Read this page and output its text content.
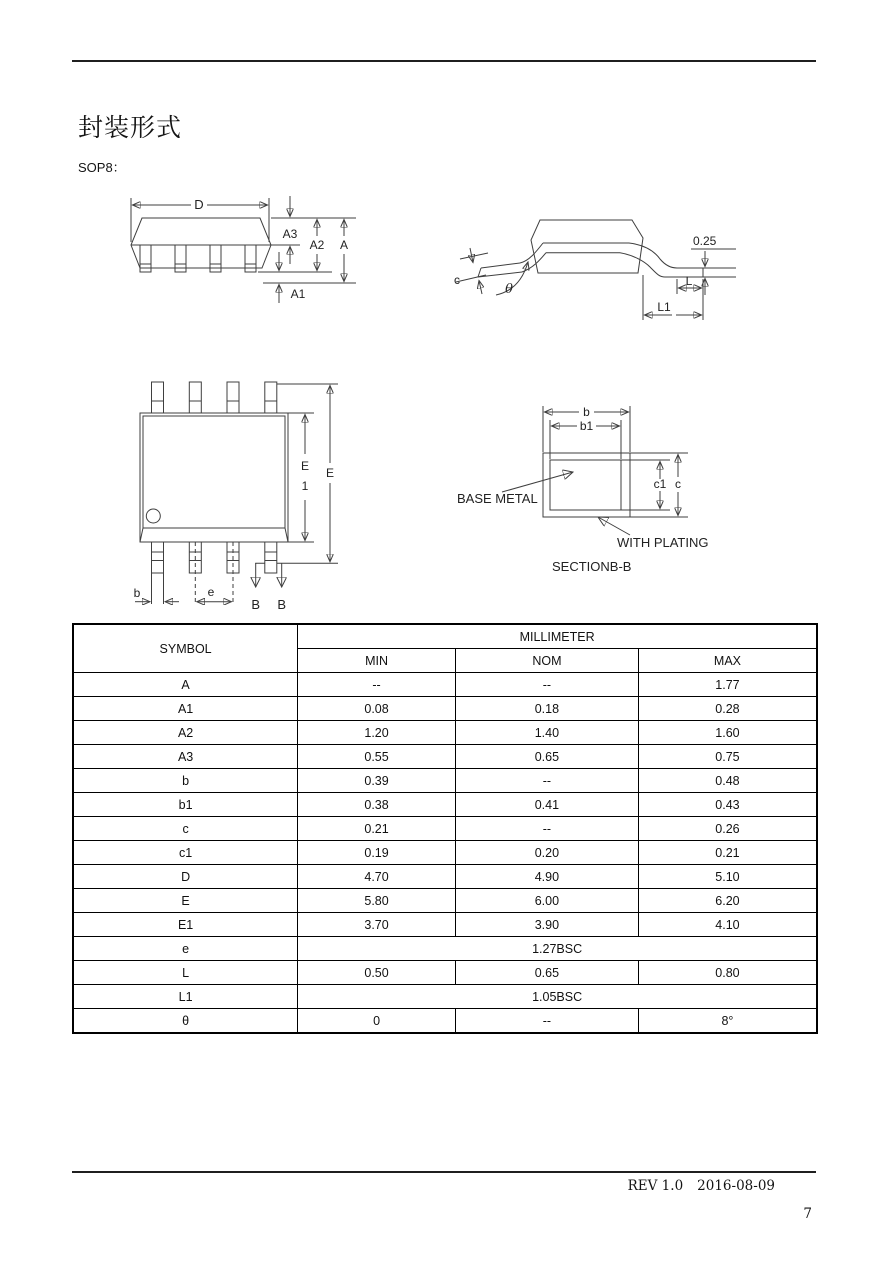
封装形式
SOP8：
D
A3
A2 A
A1
0.25
L
L1
c
θ
E
1
E
b	e
B B
b
b1
c1 c
BASE METAL
WITH PLATING
SECTIONB-B
SYMBOL	MILLIMETER		
	MIN	NOM	MAX
A	--	--	1.77
A1	0.08	0.18	0.28
A2	1.20	1.40	1.60
A3	0.55	0.65	0.75
b	0.39	--	0.48
b1	0.38	0.41	0.43
c	0.21	--	0.26
c1	0.19	0.20	0.21
D	4.70	4.90	5.10
E	5.80	6.00	6.20
E1	3.70	3.90	4.10
e	1.27BSC		
L	0.50	0.65	0.80
L1	1.05BSC		
θ	0	--	8°
REV 1.0 2016-08-09
7
